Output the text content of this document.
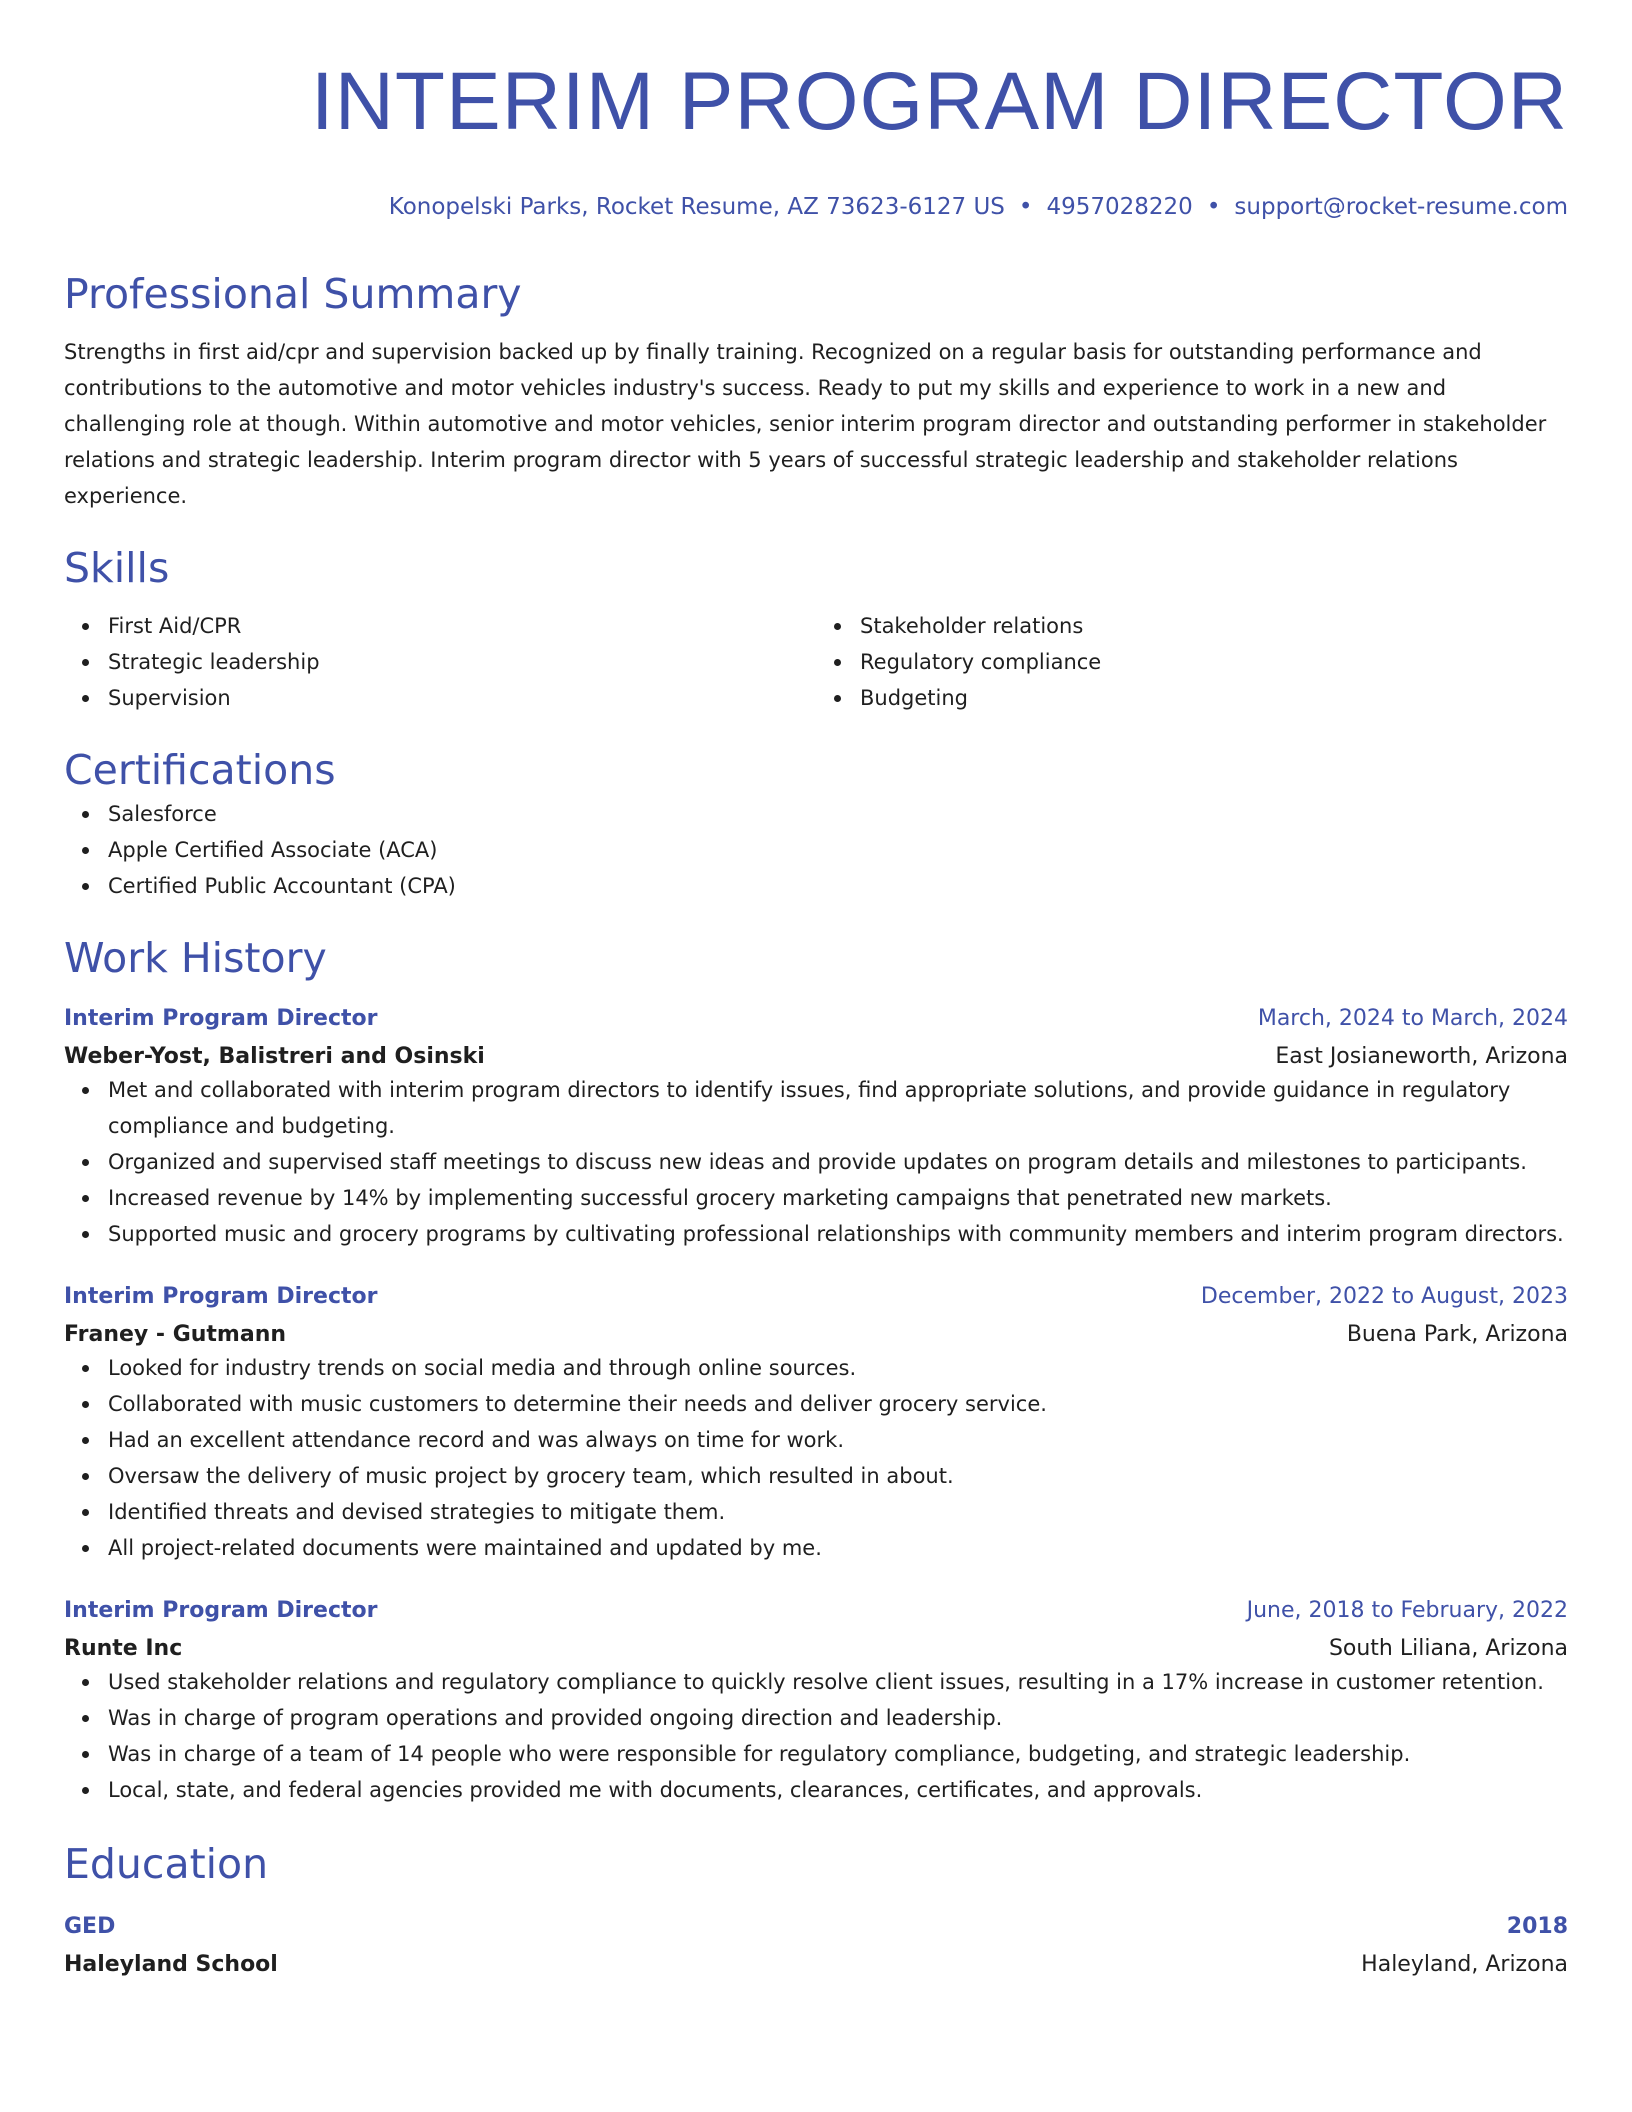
INTERIM PROGRAM DIRECTOR
Konopelski Parks, Rocket Resume, AZ 73623-6127 US • 4957028220 • support@rocket-resume.com
Professional Summary

Strengths in first aid/cpr and supervision backed up by finally training. Recognized on a regular basis for outstanding performance and contributions to the automotive and motor vehicles industry's success. Ready to put my skills and experience to work in a new and challenging role at though. Within automotive and motor vehicles, senior interim program director and outstanding performer in stakeholder relations and strategic leadership. Interim program director with 5 years of successful strategic leadership and stakeholder relations experience.

Skills
First Aid/CPR
Strategic leadership
Supervision
Stakeholder relations
Regulatory compliance
Budgeting
Certifications
Salesforce
Apple Certified Associate (ACA)
Certified Public Accountant (CPA)
Work History
Interim Program Director	March, 2024 to March, 2024
Weber-Yost, Balistreri and Osinski	East Josianeworth, Arizona
Met and collaborated with interim program directors to identify issues, find appropriate solutions, and provide guidance in regulatory compliance and budgeting.
Organized and supervised staff meetings to discuss new ideas and provide updates on program details and milestones to participants.
Increased revenue by 14% by implementing successful grocery marketing campaigns that penetrated new markets.
Supported music and grocery programs by cultivating professional relationships with community members and interim program directors.
Interim Program Director	December, 2022 to August, 2023
Franey - Gutmann	Buena Park, Arizona
Looked for industry trends on social media and through online sources.
Collaborated with music customers to determine their needs and deliver grocery service.
Had an excellent attendance record and was always on time for work.
Oversaw the delivery of music project by grocery team, which resulted in about.
Identified threats and devised strategies to mitigate them.
All project-related documents were maintained and updated by me.
Interim Program Director	June, 2018 to February, 2022
Runte Inc	South Liliana, Arizona
Used stakeholder relations and regulatory compliance to quickly resolve client issues, resulting in a 17% increase in customer retention.
Was in charge of program operations and provided ongoing direction and leadership.
Was in charge of a team of 14 people who were responsible for regulatory compliance, budgeting, and strategic leadership.
Local, state, and federal agencies provided me with documents, clearances, certificates, and approvals.
Education
GED	2018
Haleyland School	Haleyland, Arizona
